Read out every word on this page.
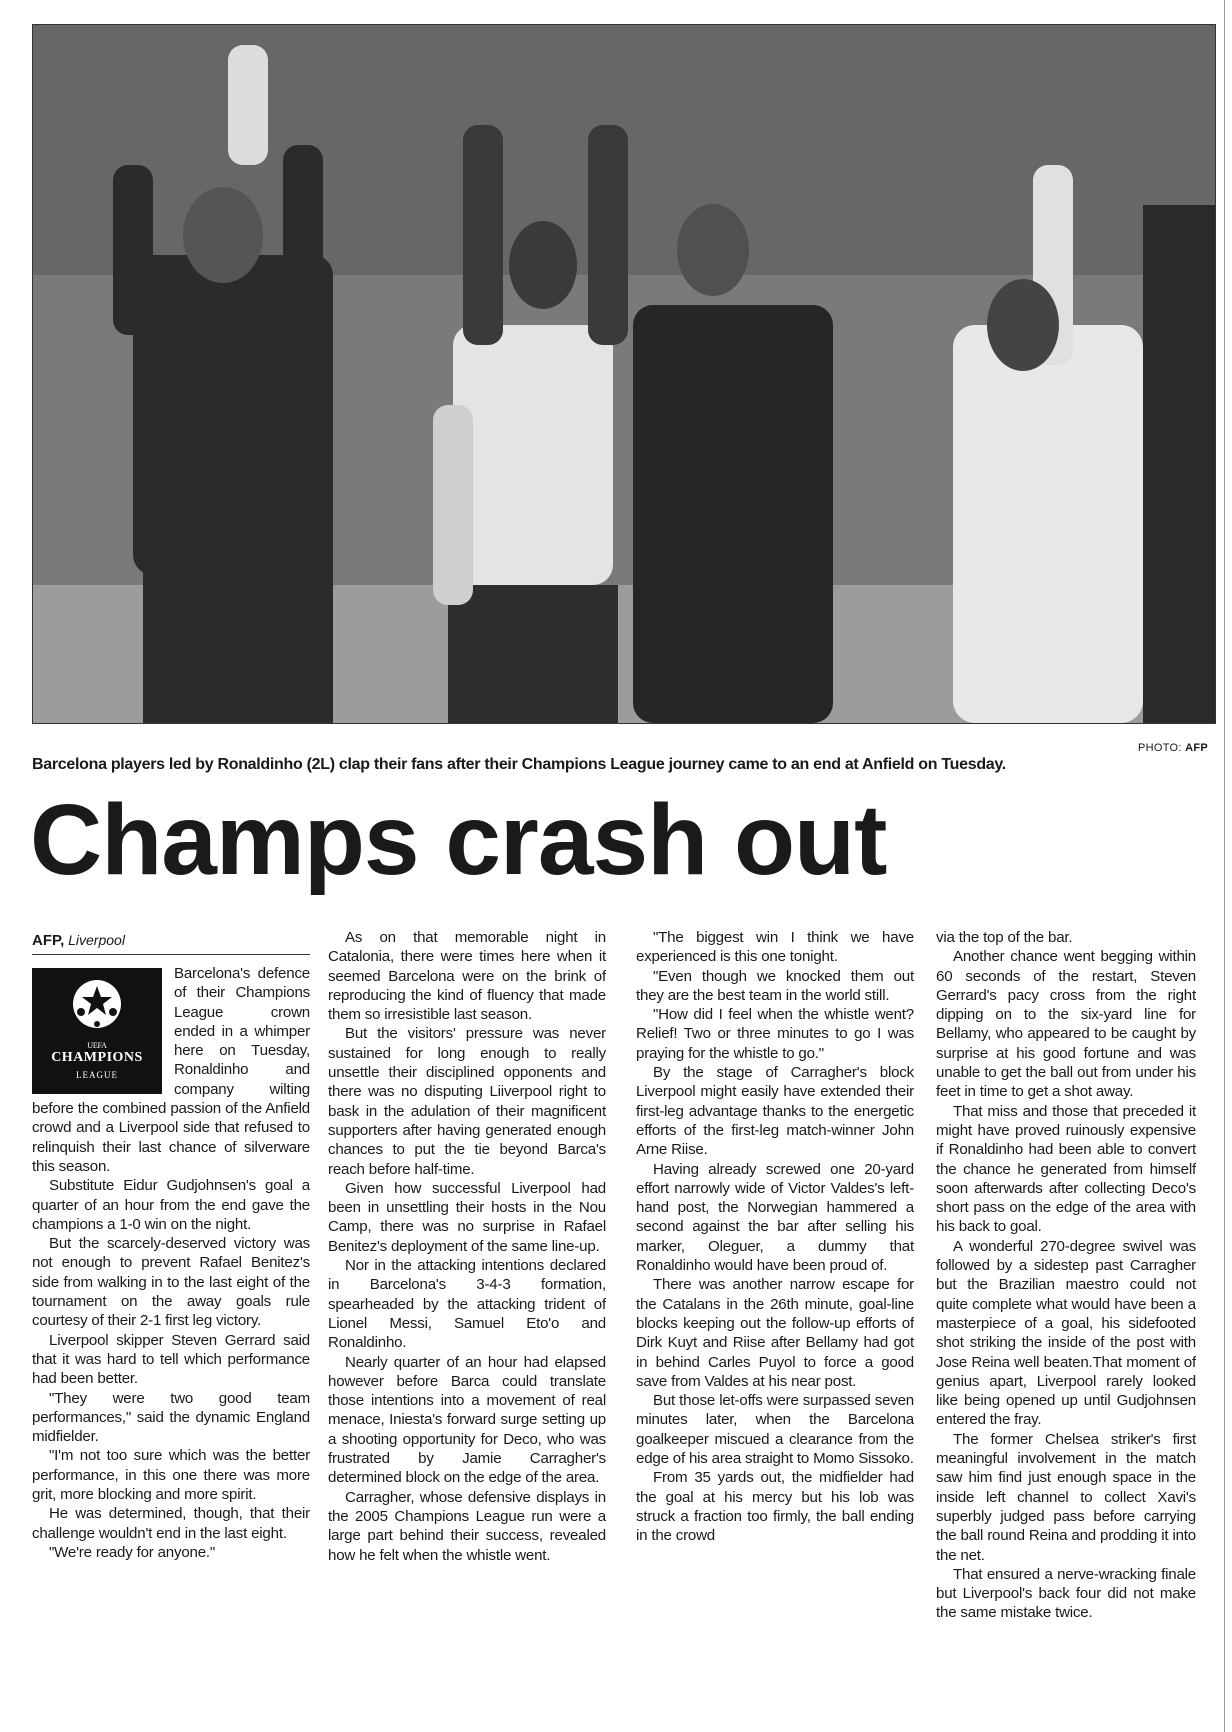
PHOTO: AFP
Barcelona players led by Ronaldinho (2L) clap their fans after their Champions League journey came to an end at Anfield on Tuesday.
Champs crash out
AFP, Liverpool
UEFA
CHAMPIONS
LEAGUE

Barcelona's defence of their Champions League crown ended in a whimper here on Tuesday, Ronaldinho and company wilting before the combined passion of the Anfield crowd and a Liverpool side that refused to relinquish their last chance of silverware this season.

Substitute Eidur Gudjohnsen's goal a quarter of an hour from the end gave the champions a 1-0 win on the night.

But the scarcely-deserved victory was not enough to prevent Rafael Benitez's side from walking in to the last eight of the tournament on the away goals rule courtesy of their 2-1 first leg victory.

Liverpool skipper Steven Gerrard said that it was hard to tell which performance had been better.

"They were two good team performances," said the dynamic England midfielder.

"I'm not too sure which was the better performance, in this one there was more grit, more blocking and more spirit.

He was determined, though, that their challenge wouldn't end in the last eight.

"We're ready for anyone."

As on that memorable night in Catalonia, there were times here when it seemed Barcelona were on the brink of reproducing the kind of fluency that made them so irresistible last season.

But the visitors' pressure was never sustained for long enough to really unsettle their disciplined opponents and there was no disputing Liiverpool right to bask in the adulation of their magnificent supporters after having generated enough chances to put the tie beyond Barca's reach before half-time.

Given how successful Liverpool had been in unsettling their hosts in the Nou Camp, there was no surprise in Rafael Benitez's deployment of the same line-up.

Nor in the attacking intentions declared in Barcelona's 3-4-3 formation, spearheaded by the attacking trident of Lionel Messi, Samuel Eto'o and Ronaldinho.

Nearly quarter of an hour had elapsed however before Barca could translate those intentions into a movement of real menace, Iniesta's forward surge setting up a shooting opportunity for Deco, who was frustrated by Jamie Carragher's determined block on the edge of the area.

Carragher, whose defensive displays in the 2005 Champions League run were a large part behind their success, revealed how he felt when the whistle went.

"The biggest win I think we have experienced is this one tonight.

"Even though we knocked them out they are the best team in the world still.

"How did I feel when the whistle went? Relief! Two or three minutes to go I was praying for the whistle to go."

By the stage of Carragher's block Liverpool might easily have extended their first-leg advantage thanks to the energetic efforts of the first-leg match-winner John Arne Riise.

Having already screwed one 20-yard effort narrowly wide of Victor Valdes's left-hand post, the Norwegian hammered a second against the bar after selling his marker, Oleguer, a dummy that Ronaldinho would have been proud of.

There was another narrow escape for the Catalans in the 26th minute, goal-line blocks keeping out the follow-up efforts of Dirk Kuyt and Riise after Bellamy had got in behind Carles Puyol to force a good save from Valdes at his near post.

But those let-offs were surpassed seven minutes later, when the Barcelona goalkeeper miscued a clearance from the edge of his area straight to Momo Sissoko.

From 35 yards out, the midfielder had the goal at his mercy but his lob was struck a fraction too firmly, the ball ending in the crowd

via the top of the bar.

Another chance went begging within 60 seconds of the restart, Steven Gerrard's pacy cross from the right dipping on to the six-yard line for Bellamy, who appeared to be caught by surprise at his good fortune and was unable to get the ball out from under his feet in time to get a shot away.

That miss and those that preceded it might have proved ruinously expensive if Ronaldinho had been able to convert the chance he generated from himself soon afterwards after collecting Deco's short pass on the edge of the area with his back to goal.

A wonderful 270-degree swivel was followed by a sidestep past Carragher but the Brazilian maestro could not quite complete what would have been a masterpiece of a goal, his sidefooted shot striking the inside of the post with Jose Reina well beaten.That moment of genius apart, Liverpool rarely looked like being opened up until Gudjohnsen entered the fray.

The former Chelsea striker's first meaningful involvement in the match saw him find just enough space in the inside left channel to collect Xavi's superbly judged pass before carrying the ball round Reina and prodding it into the net.

That ensured a nerve-wracking finale but Liverpool's back four did not make the same mistake twice.
